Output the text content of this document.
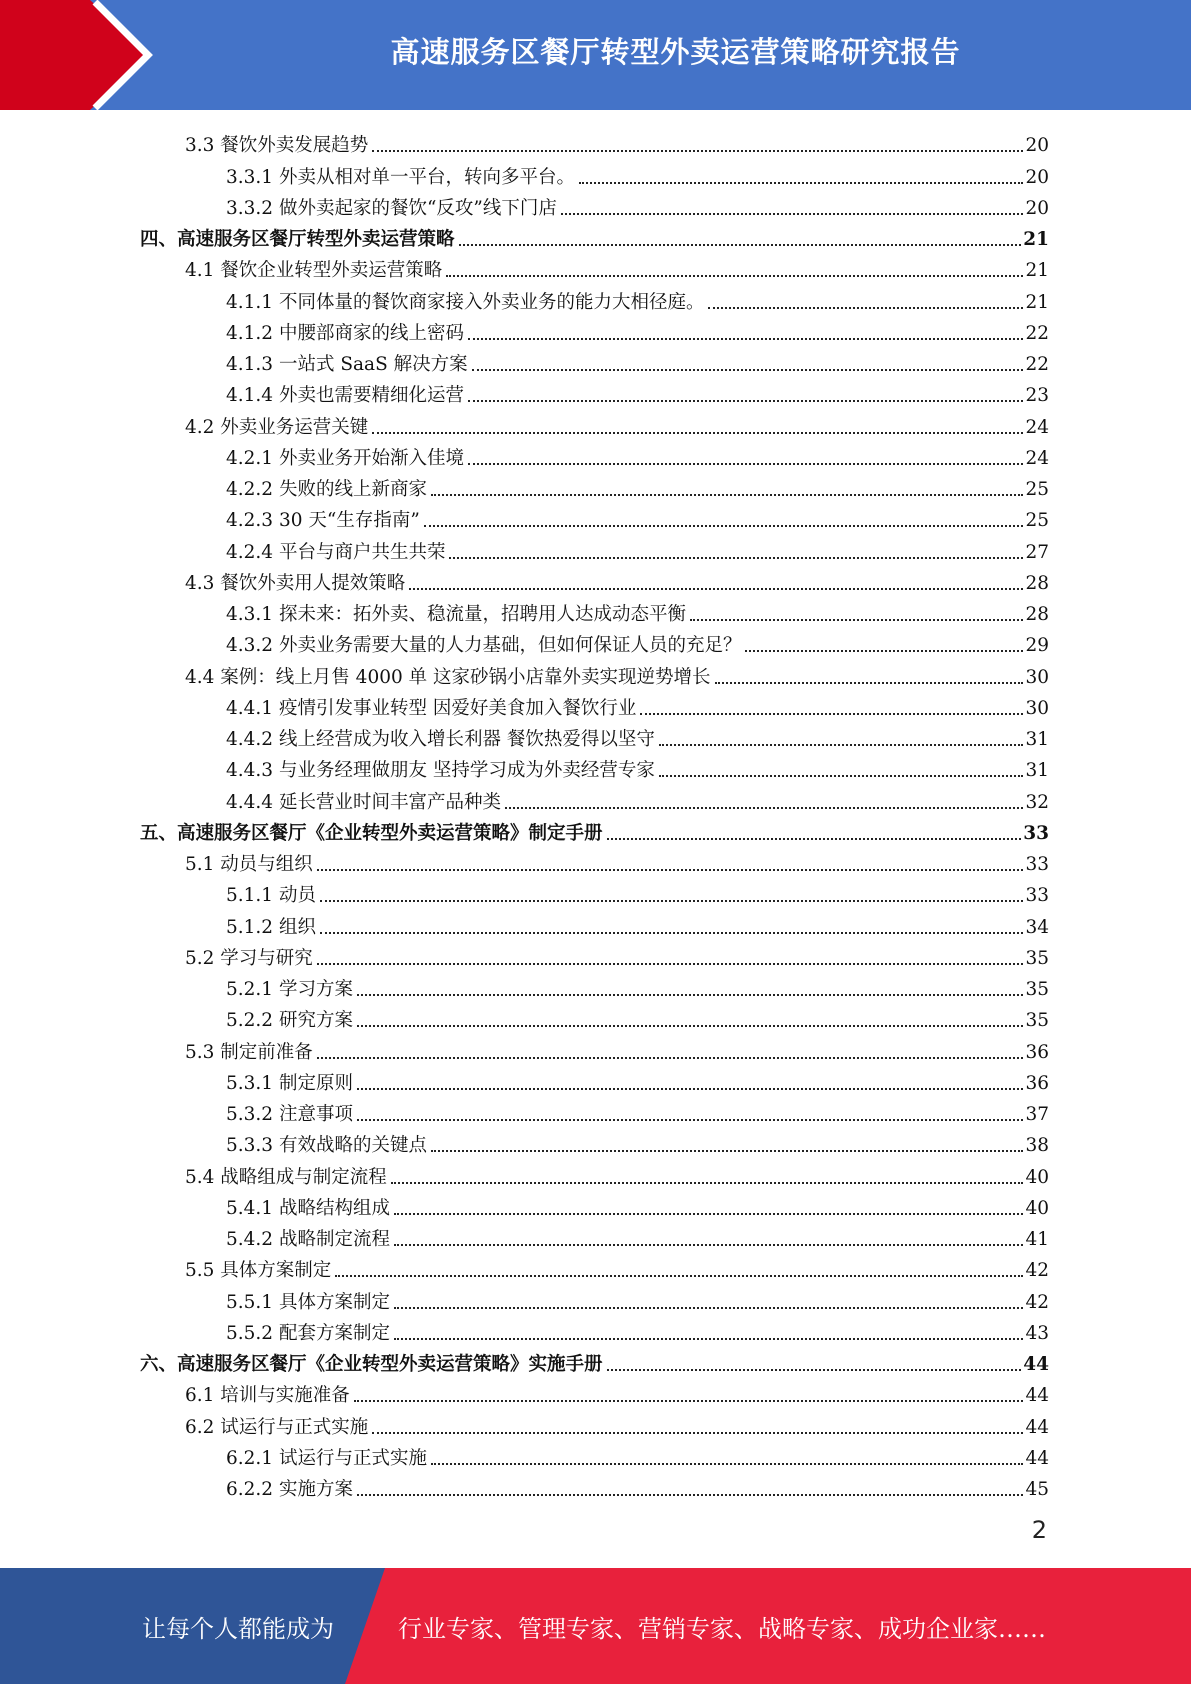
高速服务区餐厅转型外卖运营策略研究报告
3.3 餐饮外卖发展趋势	20
3.3.1 外卖从相对单一平台，转向多平台。	20
3.3.2 做外卖起家的餐饮“反攻”线下门店	20
四、高速服务区餐厅转型外卖运营策略	21
4.1 餐饮企业转型外卖运营策略	21
4.1.1 不同体量的餐饮商家接入外卖业务的能力大相径庭。	21
4.1.2 中腰部商家的线上密码	22
4.1.3 一站式 SaaS 解决方案	22
4.1.4 外卖也需要精细化运营	23
4.2 外卖业务运营关键	24
4.2.1 外卖业务开始渐入佳境	24
4.2.2 失败的线上新商家	25
4.2.3 30 天“生存指南”	25
4.2.4 平台与商户共生共荣	27
4.3 餐饮外卖用人提效策略	28
4.3.1 探未来：拓外卖、稳流量，招聘用人达成动态平衡	28
4.3.2 外卖业务需要大量的人力基础，但如何保证人员的充足？	29
4.4 案例：线上月售 4000 单 这家砂锅小店靠外卖实现逆势增长	30
4.4.1 疫情引发事业转型 因爱好美食加入餐饮行业	30
4.4.2 线上经营成为收入增长利器 餐饮热爱得以坚守	31
4.4.3 与业务经理做朋友 坚持学习成为外卖经营专家	31
4.4.4 延长营业时间丰富产品种类	32
五、高速服务区餐厅《企业转型外卖运营策略》制定手册	33
5.1 动员与组织	33
5.1.1 动员	33
5.1.2 组织	34
5.2 学习与研究	35
5.2.1 学习方案	35
5.2.2 研究方案	35
5.3 制定前准备	36
5.3.1 制定原则	36
5.3.2 注意事项	37
5.3.3 有效战略的关键点	38
5.4 战略组成与制定流程	40
5.4.1 战略结构组成	40
5.4.2 战略制定流程	41
5.5 具体方案制定	42
5.5.1 具体方案制定	42
5.5.2 配套方案制定	43
六、高速服务区餐厅《企业转型外卖运营策略》实施手册	44
6.1 培训与实施准备	44
6.2 试运行与正式实施	44
6.2.1 试运行与正式实施	44
6.2.2 实施方案	45
2
让每个人都能成为	行业专家、管理专家、营销专家、战略专家、成功企业家……
